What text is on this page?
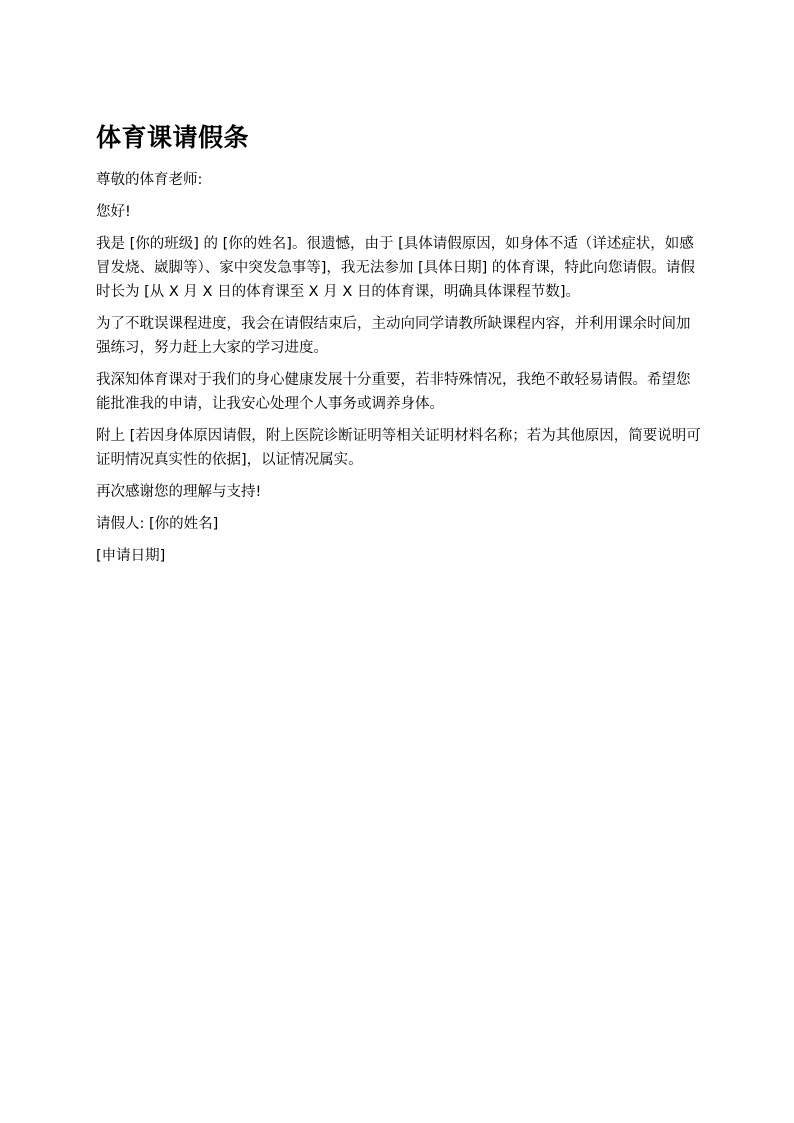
体育课请假条

尊敬的体育老师:

您好!

我是 [你的班级] 的 [你的姓名]。很遗憾，由于 [具体请假原因，如身体不适（详述症状，如感冒发烧、崴脚等）、家中突发急事等]，我无法参加 [具体日期] 的体育课，特此向您请假。请假时长为 [从 X 月 X 日的体育课至 X 月 X 日的体育课，明确具体课程节数]。

为了不耽误课程进度，我会在请假结束后，主动向同学请教所缺课程内容，并利用课余时间加强练习，努力赶上大家的学习进度。

我深知体育课对于我们的身心健康发展十分重要，若非特殊情况，我绝不敢轻易请假。希望您能批准我的申请，让我安心处理个人事务或调养身体。

附上 [若因身体原因请假，附上医院诊断证明等相关证明材料名称；若为其他原因，简要说明可证明情况真实性的依据]，以证情况属实。

再次感谢您的理解与支持!

请假人: [你的姓名]

[申请日期]
